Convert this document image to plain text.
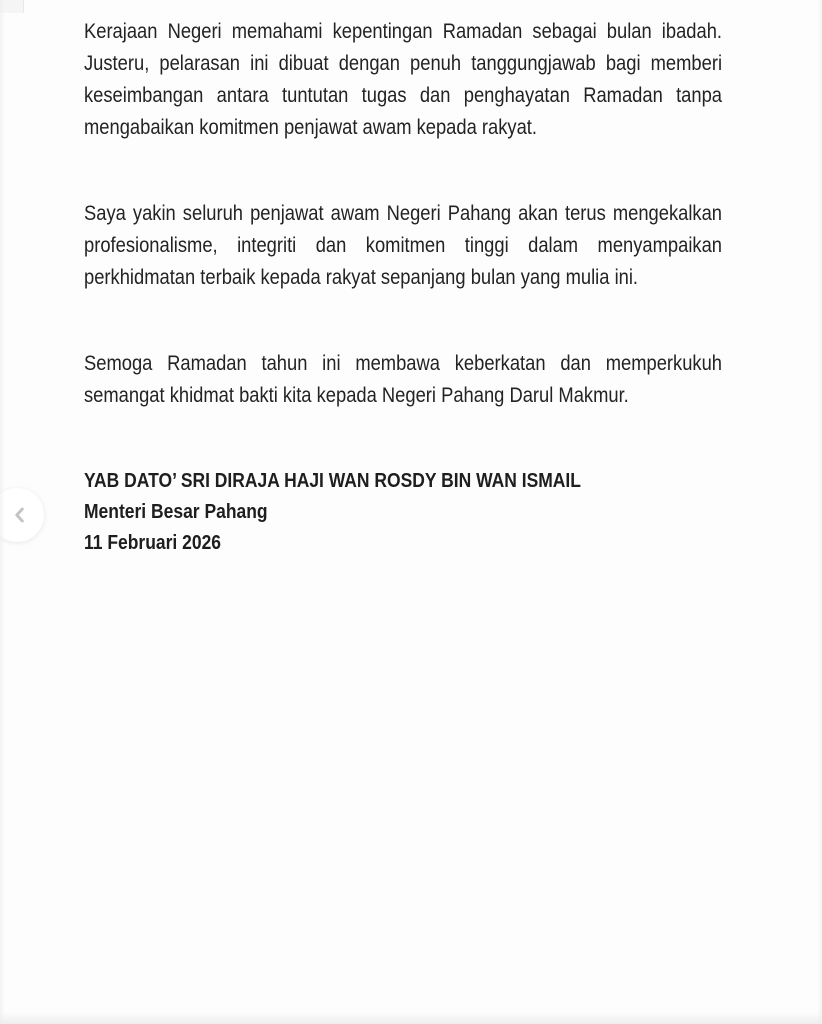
Kerajaan Negeri memahami kepentingan Ramadan sebagai bulan ibadah.
Justeru, pelarasan ini dibuat dengan penuh tanggungjawab bagi memberi
keseimbangan antara tuntutan tugas dan penghayatan Ramadan tanpa
mengabaikan komitmen penjawat awam kepada rakyat.
Saya yakin seluruh penjawat awam Negeri Pahang akan terus mengekalkan
profesionalisme, integriti dan komitmen tinggi dalam menyampaikan
perkhidmatan terbaik kepada rakyat sepanjang bulan yang mulia ini.
Semoga Ramadan tahun ini membawa keberkatan dan memperkukuh
semangat khidmat bakti kita kepada Negeri Pahang Darul Makmur.
YAB DATO’ SRI DIRAJA HAJI WAN ROSDY BIN WAN ISMAIL
Menteri Besar Pahang
11 Februari 2026
